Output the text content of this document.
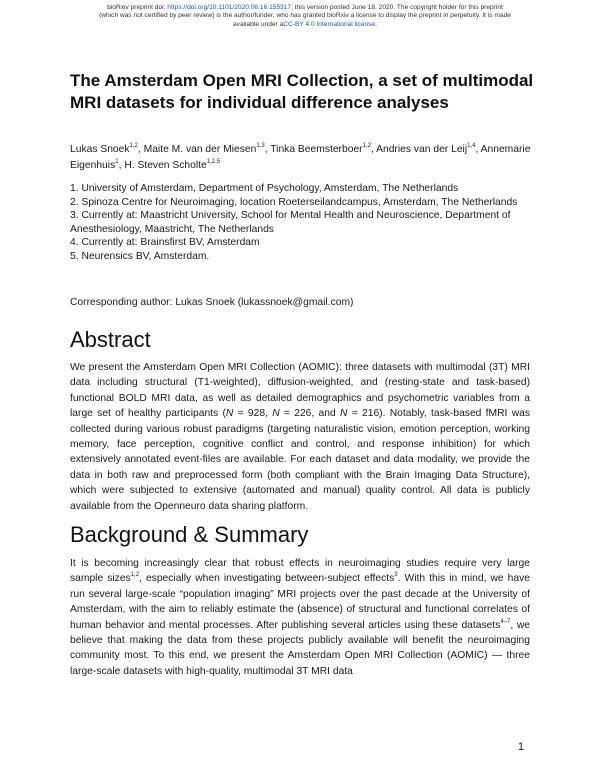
bioRxiv preprint doi: https://doi.org/10.1101/2020.06.16.155317; this version posted June 18, 2020. The copyright holder for this preprint
(which was not certified by peer review) is the author/funder, who has granted bioRxiv a license to display the preprint in perpetuity. It is made
available under aCC-BY 4.0 International license.
The Amsterdam Open MRI Collection, a set of multimodal MRI datasets for individual difference analyses
Lukas Snoek$^{1,2}$, Maite M. van der Miesen$^{1,3}$, Tinka Beemsterboer$^{1,2}$, Andries van der Leij$^{1,4}$, Annemarie Eigenhuis$^1$, H. Steven Scholte$^{1,2,5}$
1. University of Amsterdam, Department of Psychology, Amsterdam, The Netherlands
2. Spinoza Centre for Neuroimaging, location Roeterseilandcampus, Amsterdam, The Netherlands
3. Currently at: Maastricht University, School for Mental Health and Neuroscience, Department of Anesthesiology, Maastricht, The Netherlands
4. Currently at: Brainsfirst BV, Amsterdam
5. Neurensics BV, Amsterdam.
Corresponding author: Lukas Snoek (lukassnoek@gmail.com)
Abstract

We present the Amsterdam Open MRI Collection (AOMIC): three datasets with multimodal (3T) MRI data including structural (T1-weighted), diffusion-weighted, and (resting-state and task-based) functional BOLD MRI data, as well as detailed demographics and psychometric variables from a large set of healthy participants (N = 928, N = 226, and N = 216). Notably, task-based fMRI was collected during various robust paradigms (targeting naturalistic vision, emotion perception, working memory, face perception, cognitive conflict and control, and response inhibition) for which extensively annotated event-files are available. For each dataset and data modality, we provide the data in both raw and preprocessed form (both compliant with the Brain Imaging Data Structure), which were subjected to extensive (automated and manual) quality control. All data is publicly available from the Openneuro data sharing platform.

Background & Summary

It is becoming increasingly clear that robust effects in neuroimaging studies require very large sample sizes$^{1,2}$, especially when investigating between-subject effects$^3$. With this in mind, we have run several large-scale “population imaging” MRI projects over the past decade at the University of Amsterdam, with the aim to reliably estimate the (absence) of structural and functional correlates of human behavior and mental processes. After publishing several articles using these datasets$^{4-7}$, we believe that making the data from these projects publicly available will benefit the neuroimaging community most. To this end, we present the Amsterdam Open MRI Collection (AOMIC) — three large-scale datasets with high-quality, multimodal 3T MRI data

1
